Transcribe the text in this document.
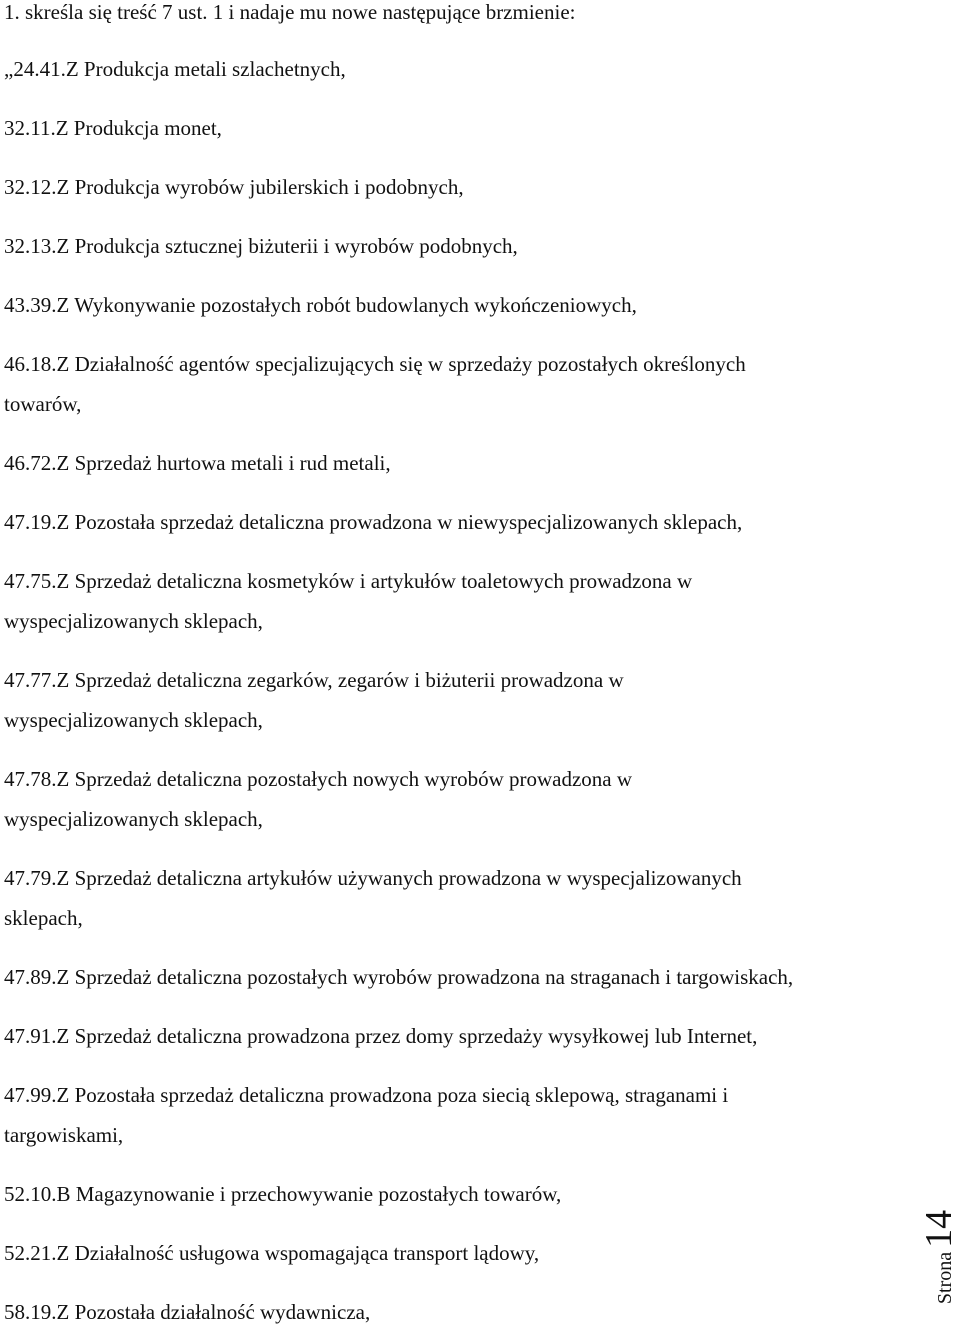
1. skreśla się treść 7 ust. 1 i nadaje mu nowe następujące brzmienie:
„24.41.Z Produkcja metali szlachetnych,
32.11.Z Produkcja monet,
32.12.Z Produkcja wyrobów jubilerskich i podobnych,
32.13.Z Produkcja sztucznej biżuterii i wyrobów podobnych,
43.39.Z Wykonywanie pozostałych robót budowlanych wykończeniowych,
46.18.Z Działalność agentów specjalizujących się w sprzedaży pozostałych określonych
towarów,
46.72.Z Sprzedaż hurtowa metali i rud metali,
47.19.Z Pozostała sprzedaż detaliczna prowadzona w niewyspecjalizowanych sklepach,
47.75.Z Sprzedaż detaliczna kosmetyków i artykułów toaletowych prowadzona w
wyspecjalizowanych sklepach,
47.77.Z Sprzedaż detaliczna zegarków, zegarów i biżuterii prowadzona w
wyspecjalizowanych sklepach,
47.78.Z Sprzedaż detaliczna pozostałych nowych wyrobów prowadzona w
wyspecjalizowanych sklepach,
47.79.Z Sprzedaż detaliczna artykułów używanych prowadzona w wyspecjalizowanych
sklepach,
47.89.Z Sprzedaż detaliczna pozostałych wyrobów prowadzona na straganach i targowiskach,
47.91.Z Sprzedaż detaliczna prowadzona przez domy sprzedaży wysyłkowej lub Internet,
47.99.Z Pozostała sprzedaż detaliczna prowadzona poza siecią sklepową, straganami i
targowiskami,
52.10.B Magazynowanie i przechowywanie pozostałych towarów,
52.21.Z Działalność usługowa wspomagająca transport lądowy,
58.19.Z Pozostała działalność wydawnicza,
Strona
14
